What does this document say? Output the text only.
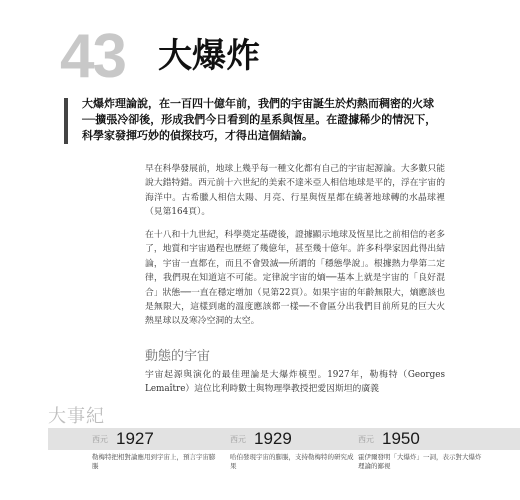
43 大爆炸
大爆炸理論說，在一百四十億年前，我們的宇宙誕生於灼熱而稠密的火球──擴張冷卻後，形成我們今日看到的星系與恆星。在證據稀少的情況下，科學家發揮巧妙的偵探技巧，才得出這個結論。
早在科學發展前，地球上幾乎每一種文化都有自己的宇宙起源論。大多數只能說大錯特錯。西元前十六世紀的美索不達米亞人相信地球是平的，浮在宇宙的海洋中。古希臘人相信太陽、月亮、行星與恆星都在繞著地球轉的水晶球裡（見第164頁）。
在十八和十九世紀，科學奠定基礎後，證據顯示地球及恆星比之前相信的老多了，地質和宇宙過程也歷經了幾億年，甚至幾十億年。許多科學家因此得出結論，宇宙一直都在，而且不會毀滅──所謂的「穩態學說」。根據熱力學第二定律，我們現在知道這不可能。定律說宇宙的熵──基本上就是宇宙的「良好混合」狀態──一直在穩定增加（見第22頁）。如果宇宙的年齡無限大，熵應該也是無限大，這樣到處的溫度應該都一樣──不會區分出我們目前所見的巨大火熱星球以及寒冷空洞的太空。
動態的宇宙
宇宙起源與演化的最佳理論是大爆炸模型。1927年，勒梅特（Georges Lemaître）這位比利時數士與物理學教授把愛因斯坦的廣義
大事紀
西元 1927
勒梅特把相對論應用到宇宙上，預言宇宙膨脹
西元 1929
哈伯發現宇宙的膨脹，支持勒梅特的研究成果
西元 1950
霍伊爾發明「大爆炸」一詞，表示對大爆炸理論的鄙視
